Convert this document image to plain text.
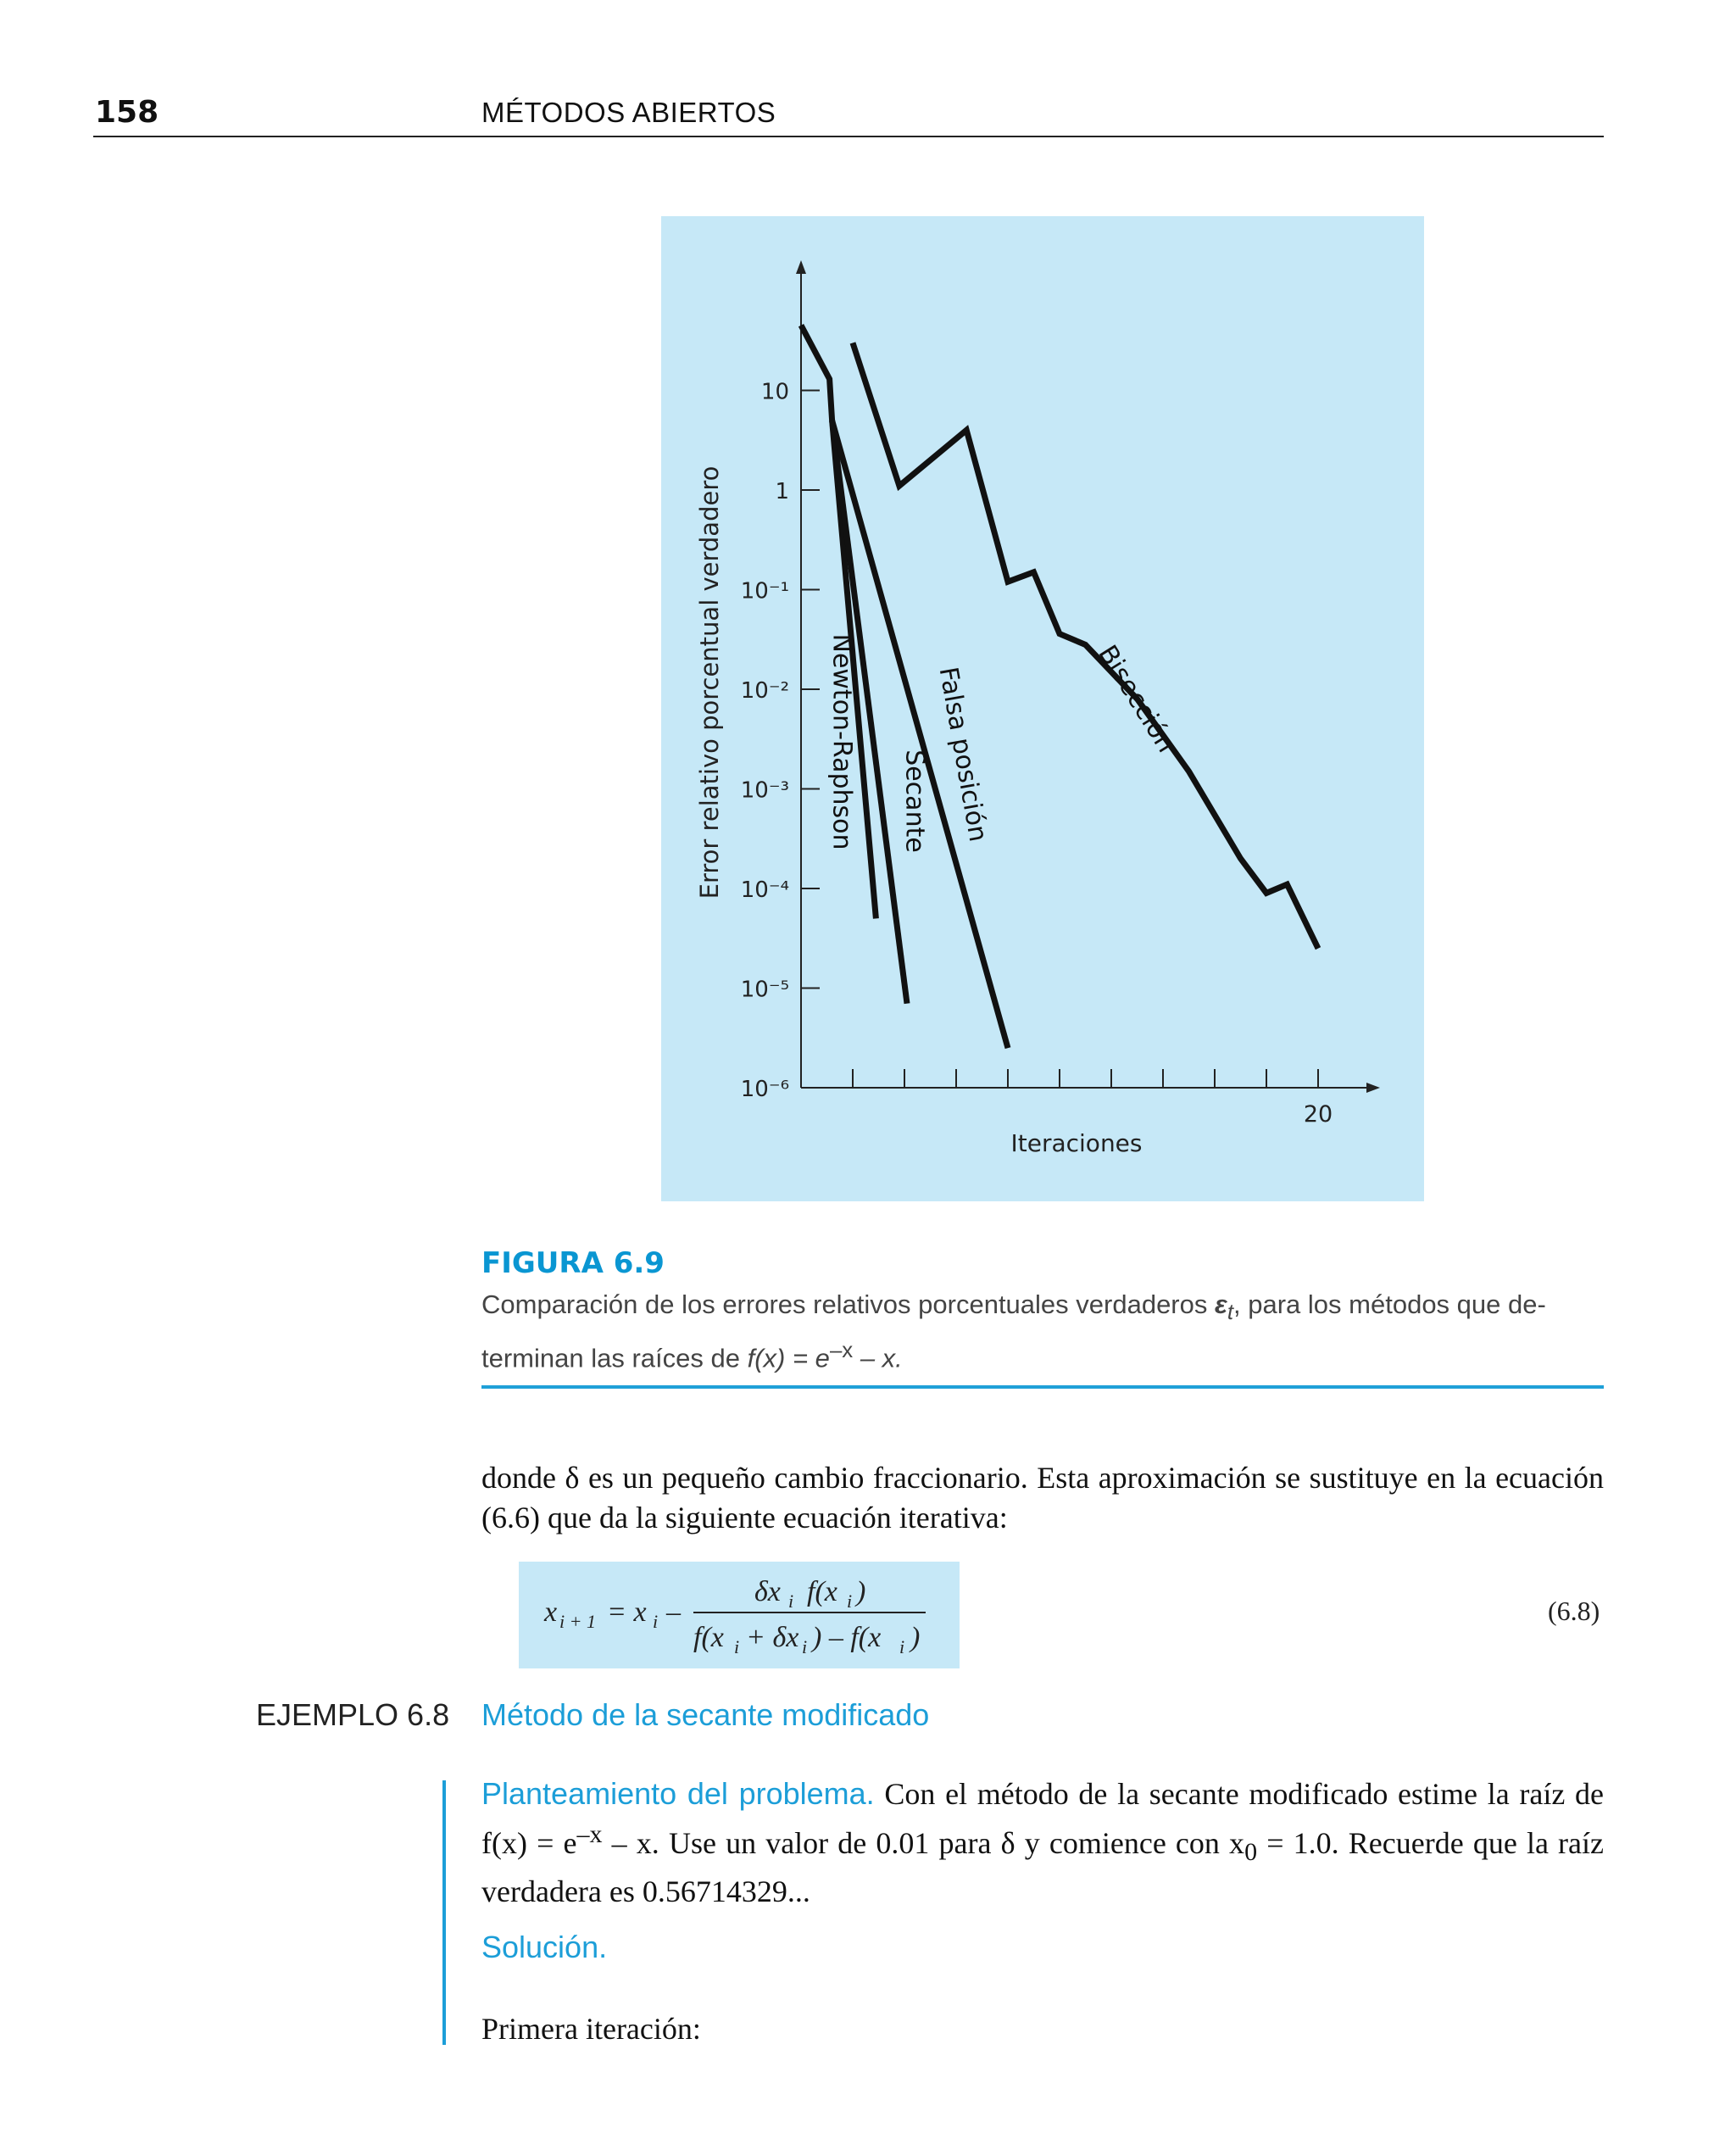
158	MÉTODOS ABIERTOS
10
1
10⁻¹
10⁻²
10⁻³
10⁻⁴
10⁻⁵
10⁻⁶
20
Iteraciones
Error relativo porcentual verdadero	Newton-Raphson Secante Falsa posición	Bisección
FIGURA 6.9
Comparación de los errores relativos porcentuales verdaderos $\varepsilon_t$, para los métodos que de-terminan las raíces de $f(x) = e^{-x} - x$.
donde δ es un pequeño cambio fraccionario. Esta aproximación se sustituye en la ecuación (6.6) que da la siguiente ecuación iterativa:
x i + 1 = x i –
δx i f(x i )
f(x i + δx i ) – f(x i )
(6.8)
EJEMPLO 6.8 Método de la secante modificado
Planteamiento del problema. Con el método de la secante modificado estime la raíz de $f(x) = e^{-x} - x$. Use un valor de 0.01 para δ y comience con $x_0 = 1.0$. Recuerde que la raíz verdadera es 0.56714329...
Solución.
Primera iteración:
